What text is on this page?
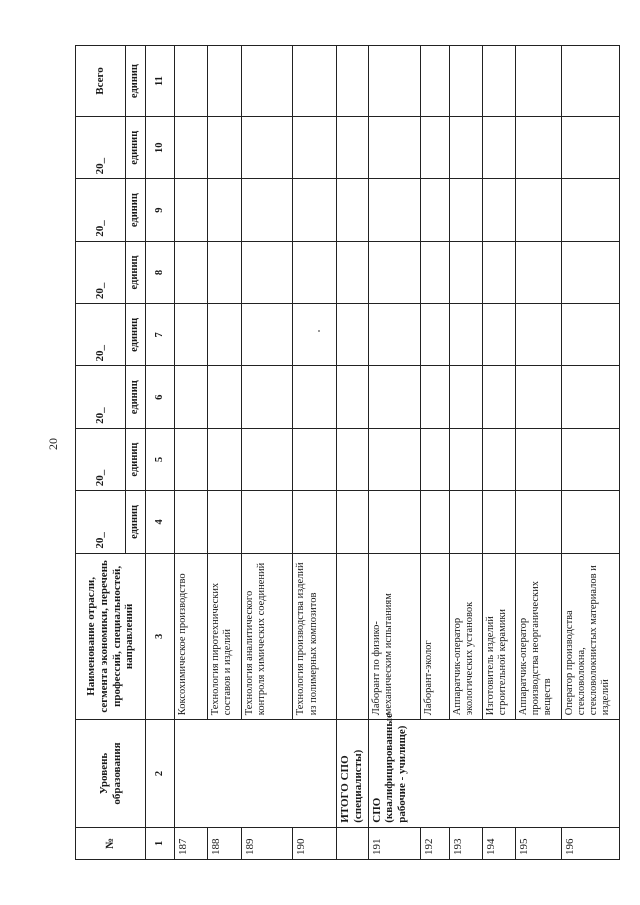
20
№	Уровень образования	Наименование отрасли, сегмента экономики, перечень профессий, специальностей, направлений	20_	20_	20_	20_	20_	20_	20_	Всего
			единиц	единиц	единиц	единиц	единиц	единиц	единиц	единиц
1	2	3	4	5	6	7	8	9	10	11
187		Коксохимическое производство								
188		Технология пиротехнических составов и изделий								
189		Технология аналитического контроля химических соединений								
190		Технология производства изделий из полимерных композитов								
	ИТОГО СПО (специалисты)									
191	СПО (квалифицированные рабочие - училище)	Лаборант по физико-механическим испытаниям								
192		Лаборант-эколог								
193		Аппаратчик-оператор экологических установок								
194		Изготовитель изделий строительной керамики								
195		Аппаратчик-оператор производства неорганических веществ								
196		Оператор производства стекловолокна, стекловолокнистых материалов и изделий								
